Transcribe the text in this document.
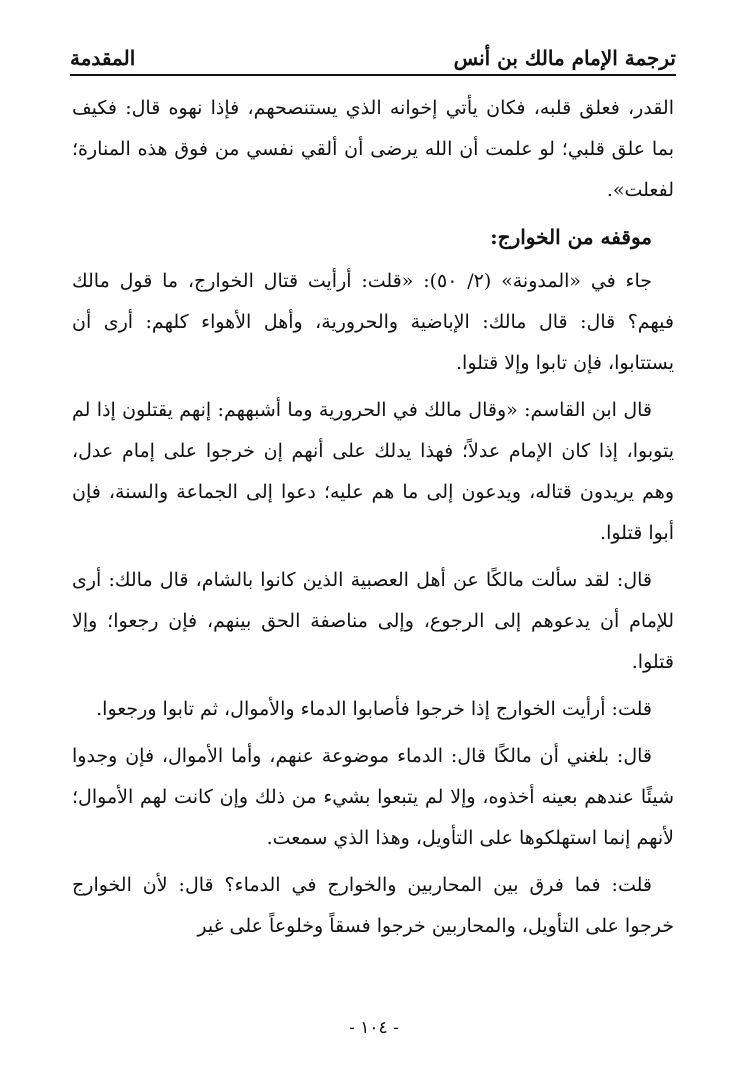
ترجمة الإمام مالك بن أنس
المقدمة

القدر، فعلق قلبه، فكان يأتي إخوانه الذي يستنصحهم، فإذا نهوه قال: فكيف بما علق قلبي؛ لو علمت أن الله يرضى أن ألقي نفسي من فوق هذه المنارة؛ لفعلت».

موقفه من الخوارج:

جاء في «المدونة» (٢/ ٥٠): «قلت: أرأيت قتال الخوارج، ما قول مالك فيهم؟ قال: قال مالك: الإباضية والحرورية، وأهل الأهواء كلهم: أرى أن يستتابوا، فإن تابوا وإلا قتلوا.

قال ابن القاسم: «وقال مالك في الحرورية وما أشبههم: إنهم يقتلون إذا لم يتوبوا، إذا كان الإمام عدلاً؛ فهذا يدلك على أنهم إن خرجوا على إمام عدل، وهم يريدون قتاله، ويدعون إلى ما هم عليه؛ دعوا إلى الجماعة والسنة، فإن أبوا قتلوا.

قال: لقد سألت مالكًا عن أهل العصبية الذين كانوا بالشام، قال مالك: أرى للإمام أن يدعوهم إلى الرجوع، وإلى مناصفة الحق بينهم، فإن رجعوا؛ وإلا قتلوا.

قلت: أرأيت الخوارج إذا خرجوا فأصابوا الدماء والأموال، ثم تابوا ورجعوا.

قال: بلغني أن مالكًا قال: الدماء موضوعة عنهم، وأما الأموال، فإن وجدوا شيئًا عندهم بعينه أخذوه، وإلا لم يتبعوا بشيء من ذلك وإن كانت لهم الأموال؛ لأنهم إنما استهلكوها على التأويل، وهذا الذي سمعت.

قلت: فما فرق بين المحاربين والخوارج في الدماء؟ قال: لأن الخوارج خرجوا على التأويل، والمحاربين خرجوا فسقاً وخلوعاً على غير

- ١٠٤ -
